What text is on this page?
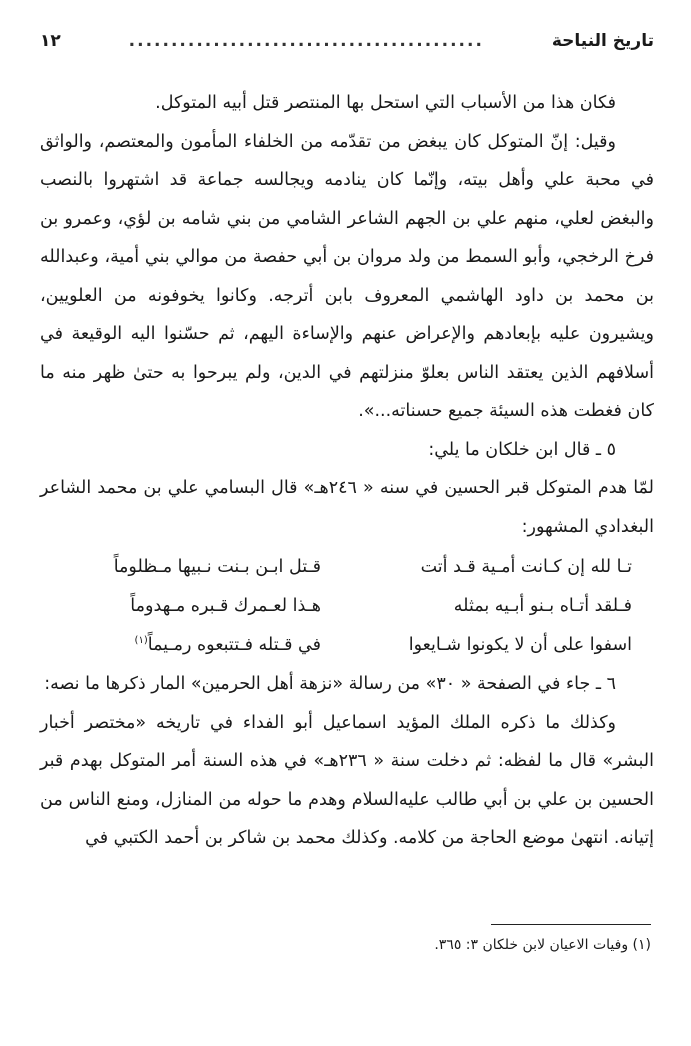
تاريخ النياحة
..........................................
١٢

فكان هذا من الأسباب التي استحل بها المنتصر قتل أبيه المتوكل.

وقيل: إنّ المتوكل كان يبغض من تقدّمه من الخلفاء المأمون والمعتصم، والواثق في محبة علي وأهل بيته، وإنّما كان ينادمه ويجالسه جماعة قد اشتهروا بالنصب والبغض لعلي، منهم علي بن الجهم الشاعر الشامي من بني شامه بن لؤي، وعمرو بن فرخ الرخجي، وأبو السمط من ولد مروان بن أبي حفصة من موالي بني أمية، وعبدالله بن محمد بن داود الهاشمي المعروف بابن أترجه. وكانوا يخوفونه من العلويين، ويشيرون عليه بإبعادهم والإعراض عنهم والإساءة اليهم، ثم حسّنوا اليه الوقيعة في أسلافهم الذين يعتقد الناس بعلوّ منزلتهم في الدين، ولم يبرحوا به حتىٰ ظهر منه ما كان فغطت هذه السيئة جميع حسناته...».

٥ ـ قال ابن خلكان ما يلي:

لمّا هدم المتوكل قبر الحسين في سنه « ٢٤٦هـ» قال البسامي علي بن محمد الشاعر البغدادي المشهور:

تـا لله إن كـانت أمـية قـد أتت
قـتل ابـن بـنت نـبيها مـظلوماً
فـلقد أتـاه بـنو أبـيه بمثله
هـذا لعـمرك قـبره مـهدوماً
اسفوا على أن لا يكونوا شـايعوا
في قـتله فـتتبعوه رمـيماً$^{(١)}$

٦ ـ جاء في الصفحة « ٣٠» من رسالة «نزهة أهل الحرمين» المار ذكرها ما نصه:

وكذلك ما ذكره الملك المؤيد اسماعيل أبو الفداء في تاريخه «مختصر أخبار البشر» قال ما لفظه: ثم دخلت سنة « ٢٣٦هـ» في هذه السنة أمر المتوكل بهدم قبر الحسين بن علي بن أبي طالب عليه‌السلام وهدم ما حوله من المنازل، ومنع الناس من إتيانه. انتهىٰ موضع الحاجة من كلامه. وكذلك محمد بن شاكر بن أحمد الكتبي في

(١) وفيات الاعيان لابن خلكان ٣: ٣٦٥.
